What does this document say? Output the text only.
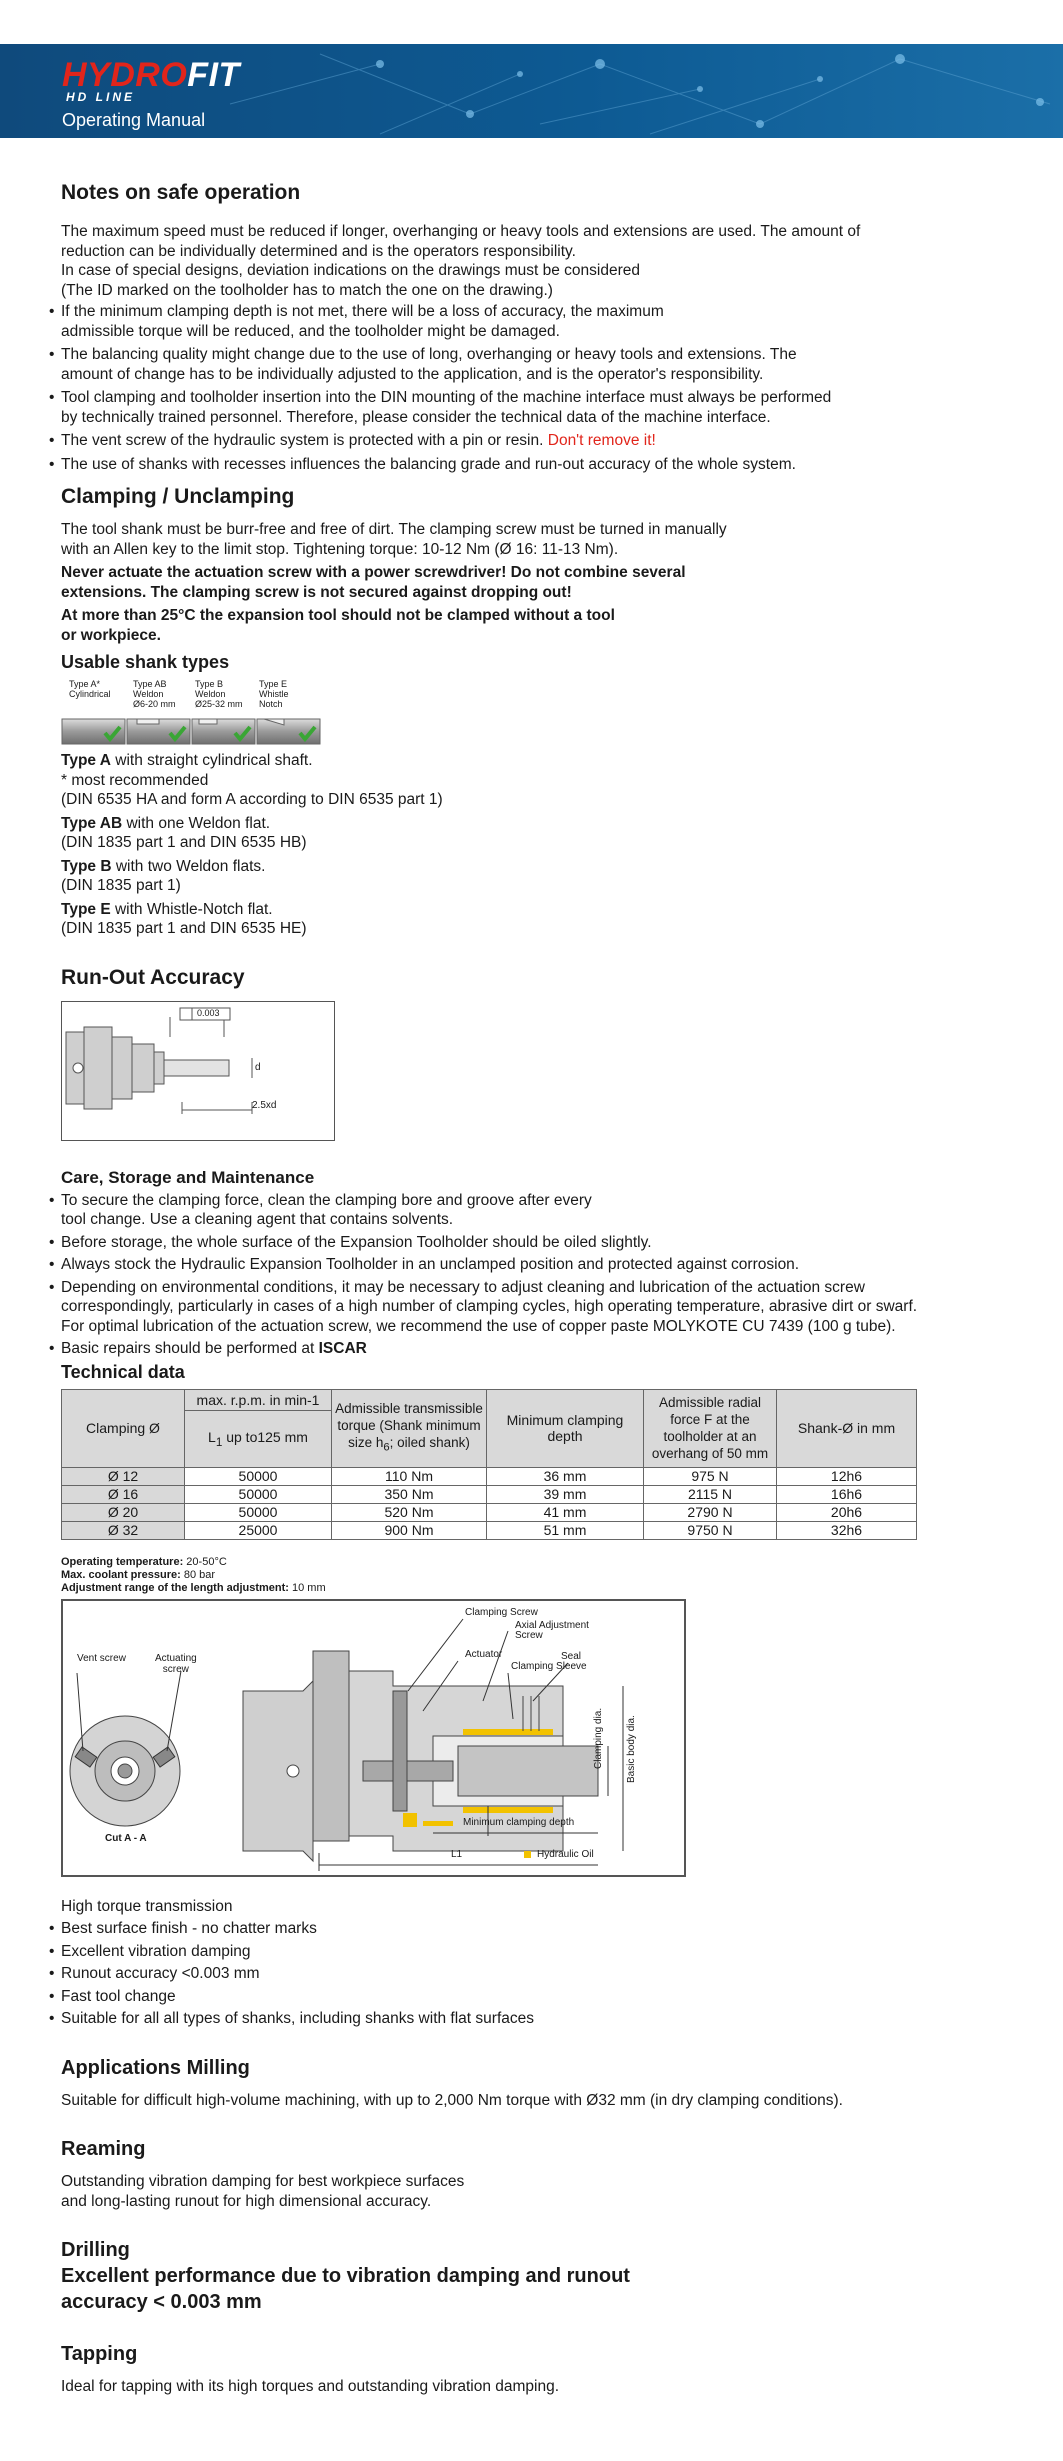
HYDROFIT
HD LINE
Operating Manual
Notes on safe operation

The maximum speed must be reduced if longer, overhanging or heavy tools and extensions are used. The amount of

reduction can be individually determined and is the operators responsibility.

In case of special designs, deviation indications on the drawings must be considered

(The ID marked on the toolholder has to match the one on the drawing.)

• If the minimum clamping depth is not met, there will be a loss of accuracy, the maximum
admissible torque will be reduced, and the toolholder might be damaged.
• The balancing quality might change due to the use of long, overhanging or heavy tools and extensions. The
amount of change has to be individually adjusted to the application, and is the operator's responsibility.
• Tool clamping and toolholder insertion into the DIN mounting of the machine interface must always be performed
by technically trained personnel. Therefore, please consider the technical data of the machine interface.
• The vent screw of the hydraulic system is protected with a pin or resin. Don't remove it!
• The use of shanks with recesses influences the balancing grade and run-out accuracy of the whole system.
Clamping / Unclamping

The tool shank must be burr-free and free of dirt. The clamping screw must be turned in manually

with an Allen key to the limit stop. Tightening torque: 10-12 Nm (Ø 16: 11-13 Nm).

Never actuate the actuation screw with a power screwdriver! Do not combine several

extensions. The clamping screw is not secured against dropping out!

At more than 25°C the expansion tool should not be clamped without a tool

or workpiece.

Usable shank types
Type A*
Cylindrical
Type AB
Weldon
Ø6-20 mm
Type B
Weldon
Ø25-32 mm
Type E
Whistle
Notch

Type A with straight cylindrical shaft.

* most recommended

(DIN 6535 HA and form A according to DIN 6535 part 1)

Type AB with one Weldon flat.

(DIN 1835 part 1 and DIN 6535 HB)

Type B with two Weldon flats.

(DIN 1835 part 1)

Type E with Whistle-Notch flat.

(DIN 1835 part 1 and DIN 6535 HE)

Run-Out Accuracy
0.003
d
2.5xd
Care, Storage and Maintenance
• To secure the clamping force, clean the clamping bore and groove after every
tool change. Use a cleaning agent that contains solvents.
• Before storage, the whole surface of the Expansion Toolholder should be oiled slightly.
• Always stock the Hydraulic Expansion Toolholder in an unclamped position and protected against corrosion.
• Depending on environmental conditions, it may be necessary to adjust cleaning and lubrication of the actuation screw
correspondingly, particularly in cases of a high number of clamping cycles, high operating temperature, abrasive dirt or swarf.
For optimal lubrication of the actuation screw, we recommend the use of copper paste MOLYKOTE CU 7439 (100 g tube).
• Basic repairs should be performed at ISCAR
Technical data
Clamping Ø	max. r.p.m. in min-1	Admissible transmissible torque (Shank minimum size $h_6$; oiled shank)	Minimum clamping depth	Admissible radial force F at the toolholder at an overhang of 50 mm	Shank-Ø in mm
	$L_1$ up to125 mm				
Ø 12	50000	110 Nm	36 mm	975 N	12h6
Ø 16	50000	350 Nm	39 mm	2115 N	16h6
Ø 20	50000	520 Nm	41 mm	2790 N	20h6
Ø 32	25000	900 Nm	51 mm	9750 N	32h6
Operating temperature: 20-50°C
Max. coolant pressure: 80 bar
Adjustment range of the length adjustment: 10 mm
Vent screw	Actuating
screw
Cut A - A
Clamping Screw
Axial Adjustment
Screw
Actuator	Seal
Clamping Sleeve
Clamping dia. Basic body dia.
Minimum clamping depth
L1	Hydraulic Oil

High torque transmission

• Best surface finish - no chatter marks
• Excellent vibration damping
• Runout accuracy <0.003 mm
• Fast tool change
• Suitable for all all types of shanks, including shanks with flat surfaces
Applications Milling

Suitable for difficult high-volume machining, with up to 2,000 Nm torque with Ø32 mm (in dry clamping conditions).

Reaming

Outstanding vibration damping for best workpiece surfaces

and long-lasting runout for high dimensional accuracy.

Drilling
Excellent performance due to vibration damping and runout
accuracy < 0.003 mm
Tapping

Ideal for tapping with its high torques and outstanding vibration damping.
